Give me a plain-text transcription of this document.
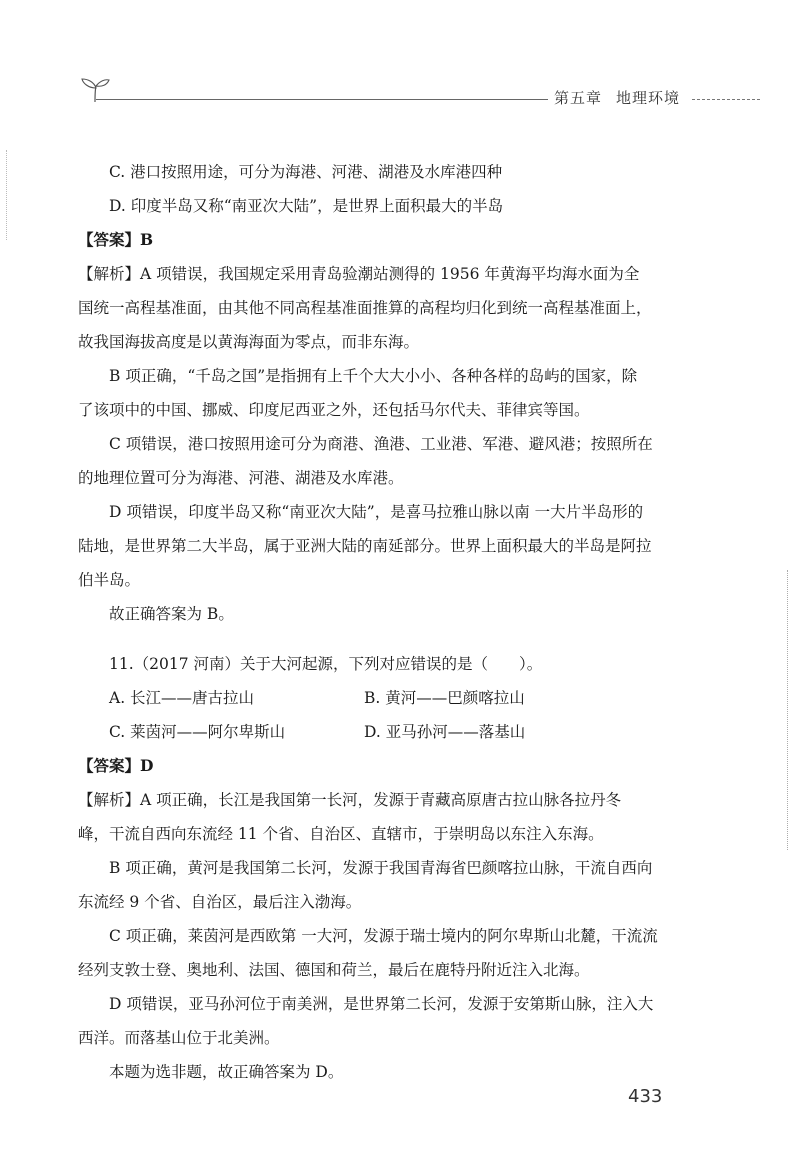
第五章 地理环境
C. 港口按照用途，可分为海港、河港、湖港及水库港四种
D. 印度半岛又称“南亚次大陆”，是世界上面积最大的半岛
【答案】B
【解析】A 项错误，我国规定采用青岛验潮站测得的 1956 年黄海平均海水面为全
国统一高程基准面，由其他不同高程基准面推算的高程均归化到统一高程基准面上，
故我国海拔高度是以黄海海面为零点，而非东海。
B 项正确，“千岛之国”是指拥有上千个大大小小、各种各样的岛屿的国家，除
了该项中的中国、挪威、印度尼西亚之外，还包括马尔代夫、菲律宾等国。
C 项错误，港口按照用途可分为商港、渔港、工业港、军港、避风港；按照所在
的地理位置可分为海港、河港、湖港及水库港。
D 项错误，印度半岛又称“南亚次大陆”，是喜马拉雅山脉以南 一大片半岛形的
陆地，是世界第二大半岛，属于亚洲大陆的南延部分。世界上面积最大的半岛是阿拉
伯半岛。
故正确答案为 B。
11.（2017 河南）关于大河起源，下列对应错误的是（　　）。
A. 长江——唐古拉山	B. 黄河——巴颜喀拉山
C. 莱茵河——阿尔卑斯山	D. 亚马孙河——落基山
【答案】D
【解析】A 项正确，长江是我国第一长河，发源于青藏高原唐古拉山脉各拉丹冬
峰，干流自西向东流经 11 个省、自治区、直辖市，于崇明岛以东注入东海。
B 项正确，黄河是我国第二长河，发源于我国青海省巴颜喀拉山脉，干流自西向
东流经 9 个省、自治区，最后注入渤海。
C 项正确，莱茵河是西欧第 一大河，发源于瑞士境内的阿尔卑斯山北麓，干流流
经列支敦士登、奥地利、法国、德国和荷兰，最后在鹿特丹附近注入北海。
D 项错误，亚马孙河位于南美洲，是世界第二长河，发源于安第斯山脉，注入大
西洋。而落基山位于北美洲。
本题为选非题，故正确答案为 D。
433
